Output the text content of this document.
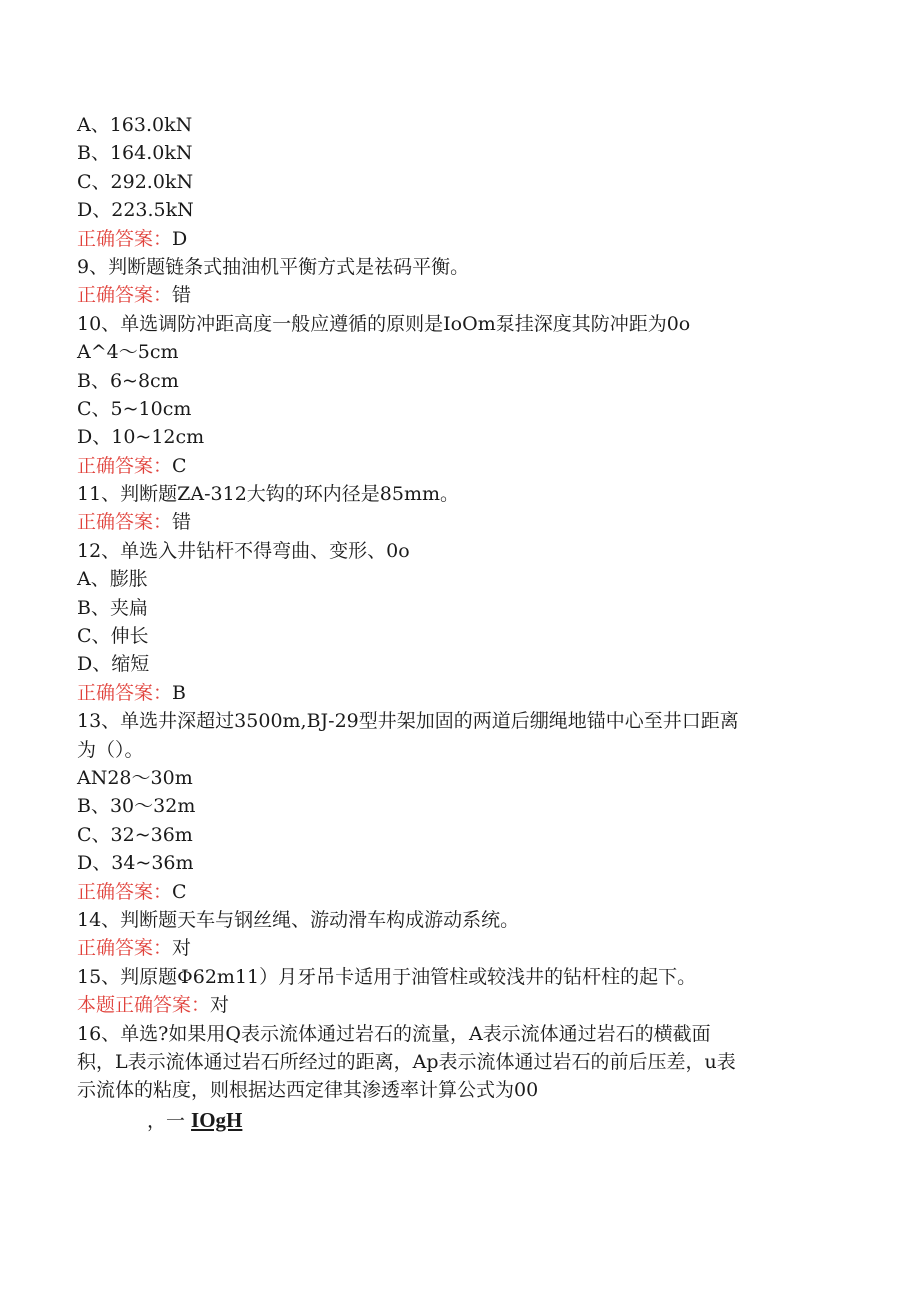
A、163.0kN
B、164.0kN
C、292.0kN
D、223.5kN
正确答案：D
9、判断题链条式抽油机平衡方式是祛码平衡。
正确答案：错
10、单选调防冲距高度一般应遵循的原则是IoOm泵挂深度其防冲距为0o
A^4～5cm
B、6~8cm
C、5~10cm
D、10~12cm
正确答案：C
11、判断题ZA-312大钩的环内径是85mm。
正确答案：错
12、单选入井钻杆不得弯曲、变形、0o
A、膨胀
B、夹扁
C、伸长
D、缩短
正确答案：B
13、单选井深超过3500m,BJ-29型井架加固的两道后绷绳地锚中心至井口距离
为（）。
AN28～30m
B、30～32m
C、32~36m
D、34~36m
正确答案：C
14、判断题天车与钢丝绳、游动滑车构成游动系统。
正确答案：对
15、判原题Φ62m11）月牙吊卡适用于油管柱或较浅井的钻杆柱的起下。
本题正确答案：对
16、单选?如果用Q表示流体通过岩石的流量，A表示流体通过岩石的横截面
积，L表示流体通过岩石所经过的距离，Ap表示流体通过岩石的前后压差，u表
示流体的粘度，则根据达西定律其渗透率计算公式为00
，一 IOgH
